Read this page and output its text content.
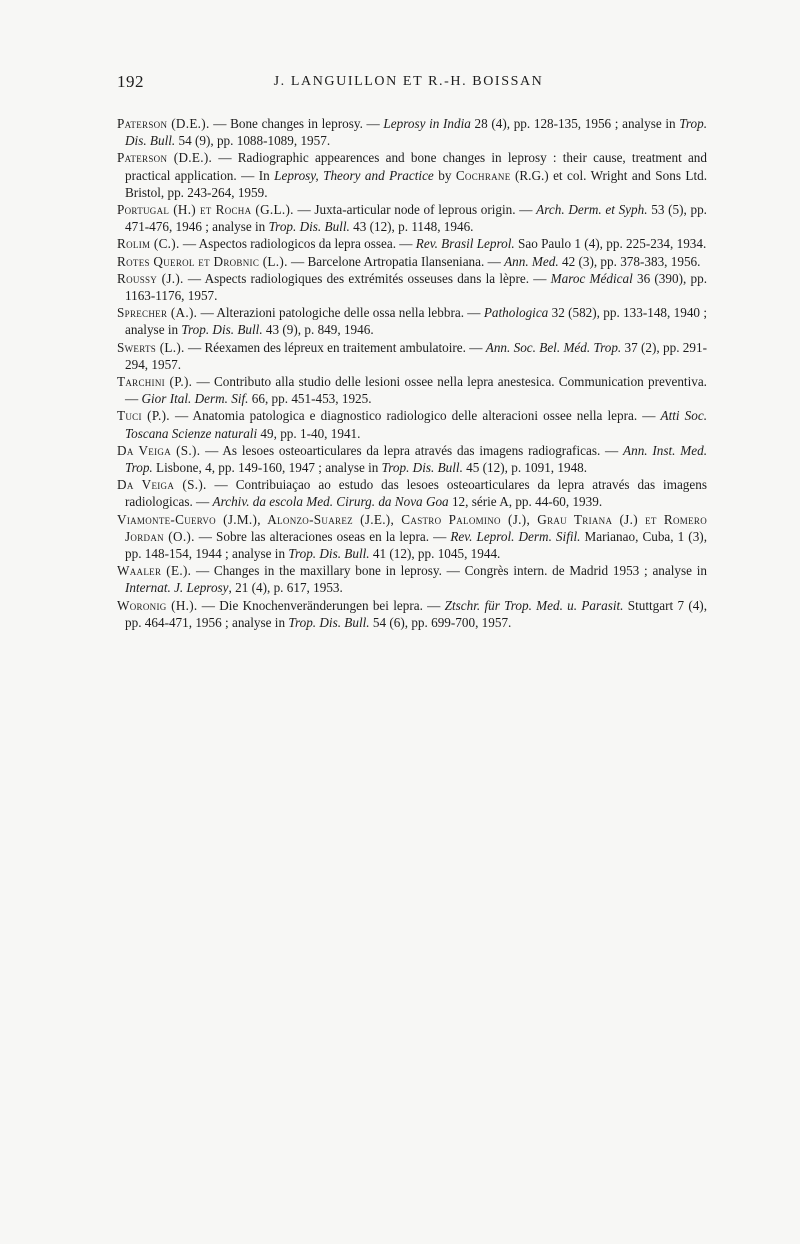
192	J. LANGUILLON ET R.-H. BOISSAN

Paterson (D.E.). — Bone changes in leprosy. — Leprosy in India 28 (4), pp. 128-135, 1956 ; analyse in Trop. Dis. Bull. 54 (9), pp. 1088-1089, 1957.

Paterson (D.E.). — Radiographic appearences and bone changes in leprosy : their cause, treatment and practical application. — In Leprosy, Theory and Practice by Cochrane (R.G.) et col. Wright and Sons Ltd. Bristol, pp. 243-264, 1959.

Portugal (H.) et Rocha (G.L.). — Juxta-articular node of leprous origin. — Arch. Derm. et Syph. 53 (5), pp. 471-476, 1946 ; analyse in Trop. Dis. Bull. 43 (12), p. 1148, 1946.

Rolim (C.). — Aspectos radiologicos da lepra ossea. — Rev. Brasil Leprol. Sao Paulo 1 (4), pp. 225-234, 1934.

Rotes Querol et Drobnic (L.). — Barcelone Artropatia Ilanseniana. — Ann. Med. 42 (3), pp. 378-383, 1956.

Roussy (J.). — Aspects radiologiques des extrémités osseuses dans la lèpre. — Maroc Médical 36 (390), pp. 1163-1176, 1957.

Sprecher (A.). — Alterazioni patologiche delle ossa nella lebbra. — Pathologica 32 (582), pp. 133-148, 1940 ; analyse in Trop. Dis. Bull. 43 (9), p. 849, 1946.

Swerts (L.). — Réexamen des lépreux en traitement ambulatoire. — Ann. Soc. Bel. Méd. Trop. 37 (2), pp. 291-294, 1957.

Tarchini (P.). — Contributo alla studio delle lesioni ossee nella lepra anestesica. Communication preventiva. — Gior Ital. Derm. Sif. 66, pp. 451-453, 1925.

Tuci (P.). — Anatomia patologica e diagnostico radiologico delle alteracioni ossee nella lepra. — Atti Soc. Toscana Scienze naturali 49, pp. 1-40, 1941.

Da Veiga (S.). — As lesoes osteoarticulares da lepra através das imagens radiograficas. — Ann. Inst. Med. Trop. Lisbone, 4, pp. 149-160, 1947 ; analyse in Trop. Dis. Bull. 45 (12), p. 1091, 1948.

Da Veiga (S.). — Contribuiaçao ao estudo das lesoes osteoarticulares da lepra através das imagens radiologicas. — Archiv. da escola Med. Cirurg. da Nova Goa 12, série A, pp. 44-60, 1939.

Viamonte-Cuervo (J.M.), Alonzo-Suarez (J.E.), Castro Palomino (J.), Grau Triana (J.) et Romero Jordan (O.). — Sobre las alteraciones oseas en la lepra. — Rev. Leprol. Derm. Sifil. Marianao, Cuba, 1 (3), pp. 148-154, 1944 ; analyse in Trop. Dis. Bull. 41 (12), pp. 1045, 1944.

Waaler (E.). — Changes in the maxillary bone in leprosy. — Congrès intern. de Madrid 1953 ; analyse in Internat. J. Leprosy, 21 (4), p. 617, 1953.

Woronig (H.). — Die Knochenveränderungen bei lepra. — Ztschr. für Trop. Med. u. Parasit. Stuttgart 7 (4), pp. 464-471, 1956 ; analyse in Trop. Dis. Bull. 54 (6), pp. 699-700, 1957.
